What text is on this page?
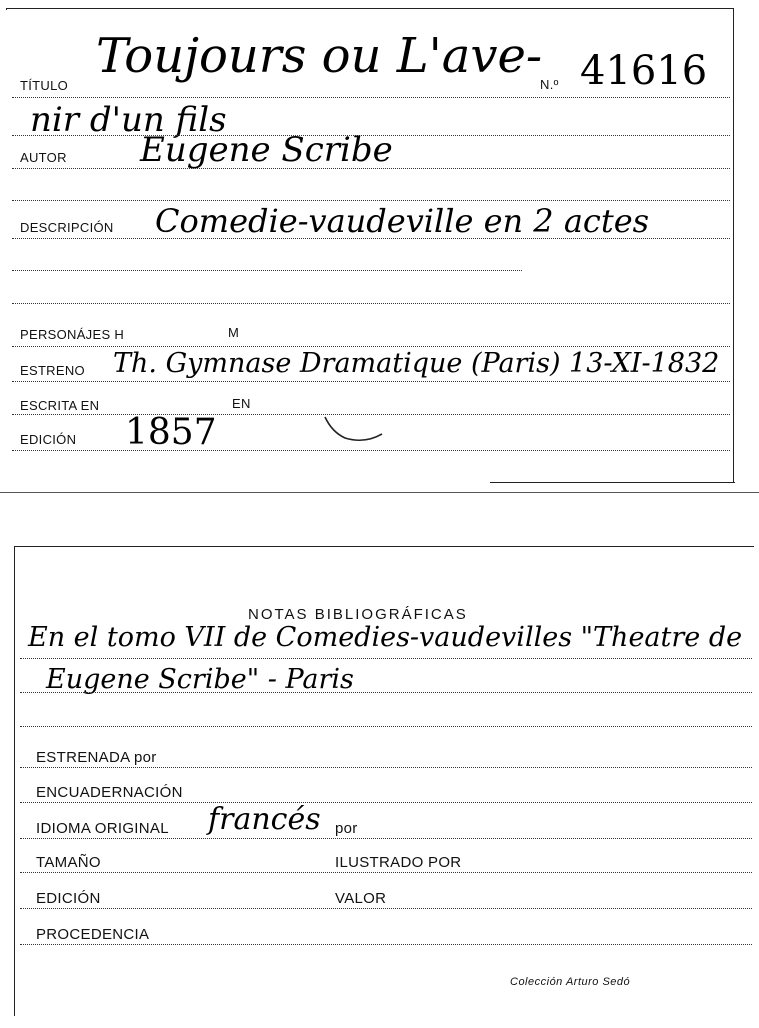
TÍTULO
Toujours ou L'ave-
N.º 41616
nir d'un fils
AUTOR Eugene Scribe
DESCRIPCIÓN Comedie-vaudeville en 2 actes
PERSONÁJES H	M
ESTRENO Th. Gymnase Dramatique (Paris) 13-XI-1832
ESCRITA EN	EN
EDICIÓN 1857
NOTAS BIBLIOGRÁFICAS
En el tomo VII de Comedies-vaudevilles "Theatre de
Eugene Scribe" - Paris
ESTRENADA por
ENCUADERNACIÓN
IDIOMA ORIGINAL francés por
TAMAÑO	ILUSTRADO POR
EDICIÓN	VALOR
PROCEDENCIA
Colección Arturo Sedó
